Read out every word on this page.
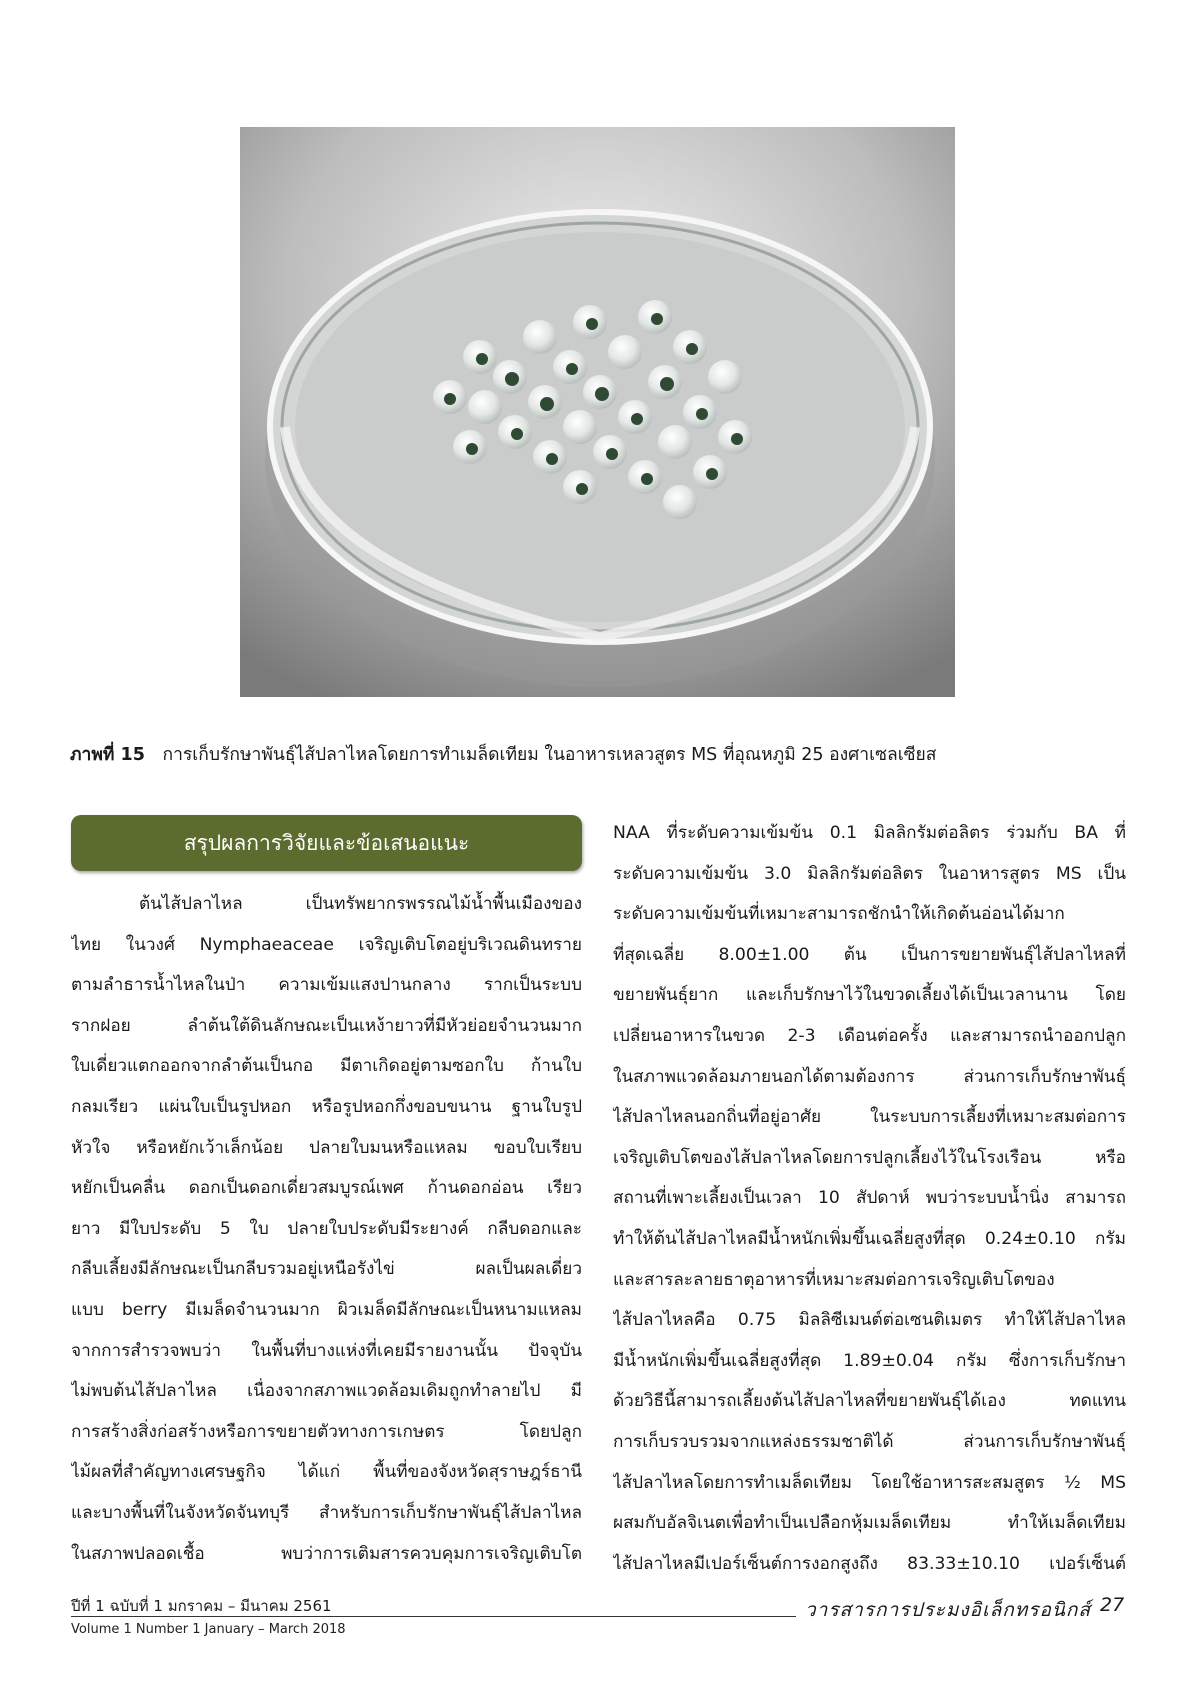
ภาพที่ 15 การเก็บรักษาพันธุ์ไส้ปลาไหลโดยการทำเมล็ดเทียม ในอาหารเหลวสูตร MS ที่อุณหภูมิ 25 องศาเซลเซียส
สรุปผลการวิจัยและข้อเสนอแนะ
ต้นไส้ปลาไหล เป็นทรัพยากรพรรณไม้น้ำพื้นเมืองของ
ไทย ในวงศ์ Nymphaeaceae เจริญเติบโตอยู่บริเวณดินทราย
ตามลำธารน้ำไหลในป่า ความเข้มแสงปานกลาง รากเป็นระบบ
รากฝอย ลำต้นใต้ดินลักษณะเป็นเหง้ายาวที่มีหัวย่อยจำนวนมาก
ใบเดี่ยวแตกออกจากลำต้นเป็นกอ มีตาเกิดอยู่ตามซอกใบ ก้านใบ
กลมเรียว แผ่นใบเป็นรูปหอก หรือรูปหอกกึ่งขอบขนาน ฐานใบรูป
หัวใจ หรือหยักเว้าเล็กน้อย ปลายใบมนหรือแหลม ขอบใบเรียบ
หยักเป็นคลื่น ดอกเป็นดอกเดี่ยวสมบูรณ์เพศ ก้านดอกอ่อน เรียว
ยาว มีใบประดับ 5 ใบ ปลายใบประดับมีระยางค์ กลีบดอกและ
กลีบเลี้ยงมีลักษณะเป็นกลีบรวมอยู่เหนือรังไข่ ผลเป็นผลเดี่ยว
แบบ berry มีเมล็ดจำนวนมาก ผิวเมล็ดมีลักษณะเป็นหนามแหลม
จากการสำรวจพบว่า ในพื้นที่บางแห่งที่เคยมีรายงานนั้น ปัจจุบัน
ไม่พบต้นไส้ปลาไหล เนื่องจากสภาพแวดล้อมเดิมถูกทำลายไป มี
การสร้างสิ่งก่อสร้างหรือการขยายตัวทางการเกษตร โดยปลูก
ไม้ผลที่สำคัญทางเศรษฐกิจ ได้แก่ พื้นที่ของจังหวัดสุราษฎร์ธานี
และบางพื้นที่ในจังหวัดจันทบุรี สำหรับการเก็บรักษาพันธุ์ไส้ปลาไหล
ในสภาพปลอดเชื้อ พบว่าการเติมสารควบคุมการเจริญเติบโต
NAA ที่ระดับความเข้มข้น 0.1 มิลลิกรัมต่อลิตร ร่วมกับ BA ที่
ระดับความเข้มข้น 3.0 มิลลิกรัมต่อลิตร ในอาหารสูตร MS เป็น
ระดับความเข้มข้นที่เหมาะสามารถชักนำให้เกิดต้นอ่อนได้มาก
ที่สุดเฉลี่ย 8.00±1.00 ต้น เป็นการขยายพันธุ์ไส้ปลาไหลที่
ขยายพันธุ์ยาก และเก็บรักษาไว้ในขวดเลี้ยงได้เป็นเวลานาน โดย
เปลี่ยนอาหารในขวด 2-3 เดือนต่อครั้ง และสามารถนำออกปลูก
ในสภาพแวดล้อมภายนอกได้ตามต้องการ ส่วนการเก็บรักษาพันธุ์
ไส้ปลาไหลนอกถิ่นที่อยู่อาศัย ในระบบการเลี้ยงที่เหมาะสมต่อการ
เจริญเติบโตของไส้ปลาไหลโดยการปลูกเลี้ยงไว้ในโรงเรือน หรือ
สถานที่เพาะเลี้ยงเป็นเวลา 10 สัปดาห์ พบว่าระบบน้ำนิ่ง สามารถ
ทำให้ต้นไส้ปลาไหลมีน้ำหนักเพิ่มขึ้นเฉลี่ยสูงที่สุด 0.24±0.10 กรัม
และสารละลายธาตุอาหารที่เหมาะสมต่อการเจริญเติบโตของ
ไส้ปลาไหลคือ 0.75 มิลลิซีเมนต์ต่อเซนติเมตร ทำให้ไส้ปลาไหล
มีน้ำหนักเพิ่มขึ้นเฉลี่ยสูงที่สุด 1.89±0.04 กรัม ซึ่งการเก็บรักษา
ด้วยวิธีนี้สามารถเลี้ยงต้นไส้ปลาไหลที่ขยายพันธุ์ได้เอง ทดแทน
การเก็บรวบรวมจากแหล่งธรรมชาติได้ ส่วนการเก็บรักษาพันธุ์
ไส้ปลาไหลโดยการทำเมล็ดเทียม โดยใช้อาหารสะสมสูตร ½ MS
ผสมกับอัลจิเนตเพื่อทำเป็นเปลือกหุ้มเมล็ดเทียม ทำให้เมล็ดเทียม
ไส้ปลาไหลมีเปอร์เซ็นต์การงอกสูงถึง 83.33±10.10 เปอร์เซ็นต์
ปีที่ 1 ฉบับที่ 1 มกราคม – มีนาคม 2561
Volume 1 Number 1 January – March 2018
วารสารการประมงอิเล็กทรอนิกส์ 27
